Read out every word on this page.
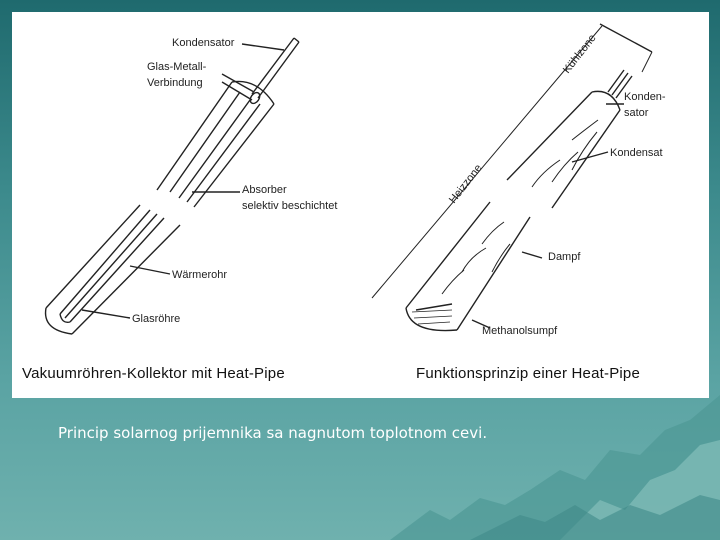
Kondensator
Glas-Metall-
Verbindung
Absorber
selektiv beschichtet
Wärmerohr
Glasröhre
Kühlzone
Heizzone
Konden-
sator
Kondensat
Dampf
Methanolsumpf
Vakuumröhren-Kollektor mit Heat-Pipe	Funktionsprinzip einer Heat-Pipe
Princip solarnog prijemnika sa nagnutom toplotnom cevi.
